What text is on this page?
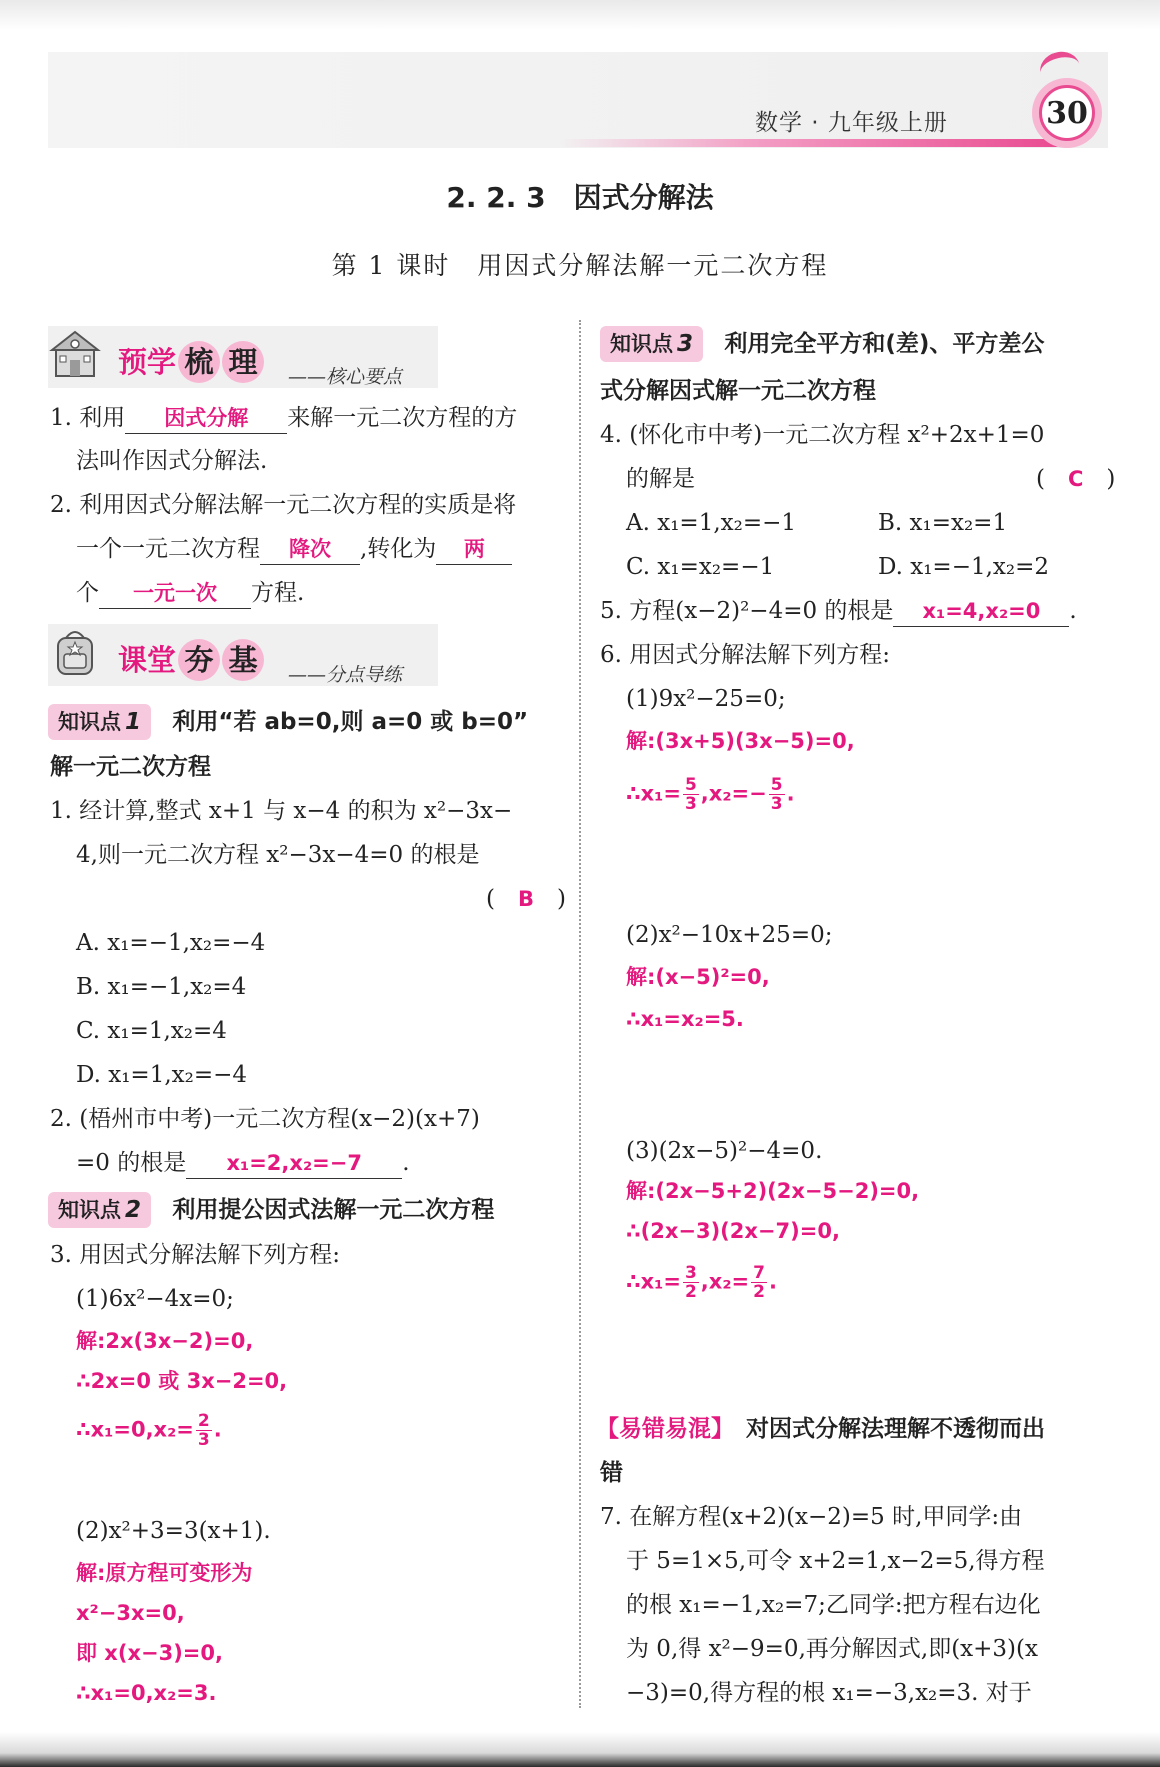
数学 · 九年级上册	30
2. 2. 3　因式分解法
第 1 课时　用因式分解法解一元二次方程
预学 梳 理	——核心要点
1. 利用 因式分解 来解一元二次方程的方
法叫作因式分解法.
2. 利用因式分解法解一元二次方程的实质是将
一个一元二次方程 降次 ,转化为 两
个 一元一次 方程.
课堂 夯 基	——分点导练
知识点 1 利用“若 ab=0,则 a=0 或 b=0”
解一元二次方程
1. 经计算,整式 x+1 与 x−4 的积为 x²−3x−
4,则一元二次方程 x²−3x−4=0 的根是
(　B　)
A. x₁=−1,x₂=−4
B. x₁=−1,x₂=4
C. x₁=1,x₂=4
D. x₁=1,x₂=−4
2. (梧州市中考)一元二次方程(x−2)(x+7)
=0 的根是 x₁=2,x₂=−7 .
知识点 2 利用提公因式法解一元二次方程
3. 用因式分解法解下列方程:
(1)6x²−4x=0;
解:2x(3x−2)=0,
∴2x=0 或 3x−2=0,
∴x₁=0,x₂= $\frac{2}{3}$ .
(2)x²+3=3(x+1).
解:原方程可变形为
x²−3x=0,
即 x(x−3)=0,
∴x₁=0,x₂=3.
知识点 3 利用完全平方和(差)、平方差公
式分解因式解一元二次方程
4. (怀化市中考)一元二次方程 x²+2x+1=0
的解是	(　C　)
A. x₁=1,x₂=−1	B. x₁=x₂=1
C. x₁=x₂=−1	D. x₁=−1,x₂=2
5. 方程(x−2)²−4=0 的根是 x₁=4,x₂=0 .
6. 用因式分解法解下列方程:
(1)9x²−25=0;
解:(3x+5)(3x−5)=0,
∴x₁= $\frac{5}{3} ,x_2=- \frac{5}{3}$ .
(2)x²−10x+25=0;
解:(x−5)²=0,
∴x₁=x₂=5.
(3)(2x−5)²−4=0.
解:(2x−5+2)(2x−5−2)=0,
∴(2x−3)(2x−7)=0,
∴x₁= $\frac{3}{2} ,x_2= \frac{7}{2}$ .
【易错易混】 对因式分解法理解不透彻而出
错
7. 在解方程(x+2)(x−2)=5 时,甲同学:由
于 5=1×5,可令 x+2=1,x−2=5,得方程
的根 x₁=−1,x₂=7;乙同学:把方程右边化
为 0,得 x²−9=0,再分解因式,即(x+3)(x
−3)=0,得方程的根 x₁=−3,x₂=3. 对于
